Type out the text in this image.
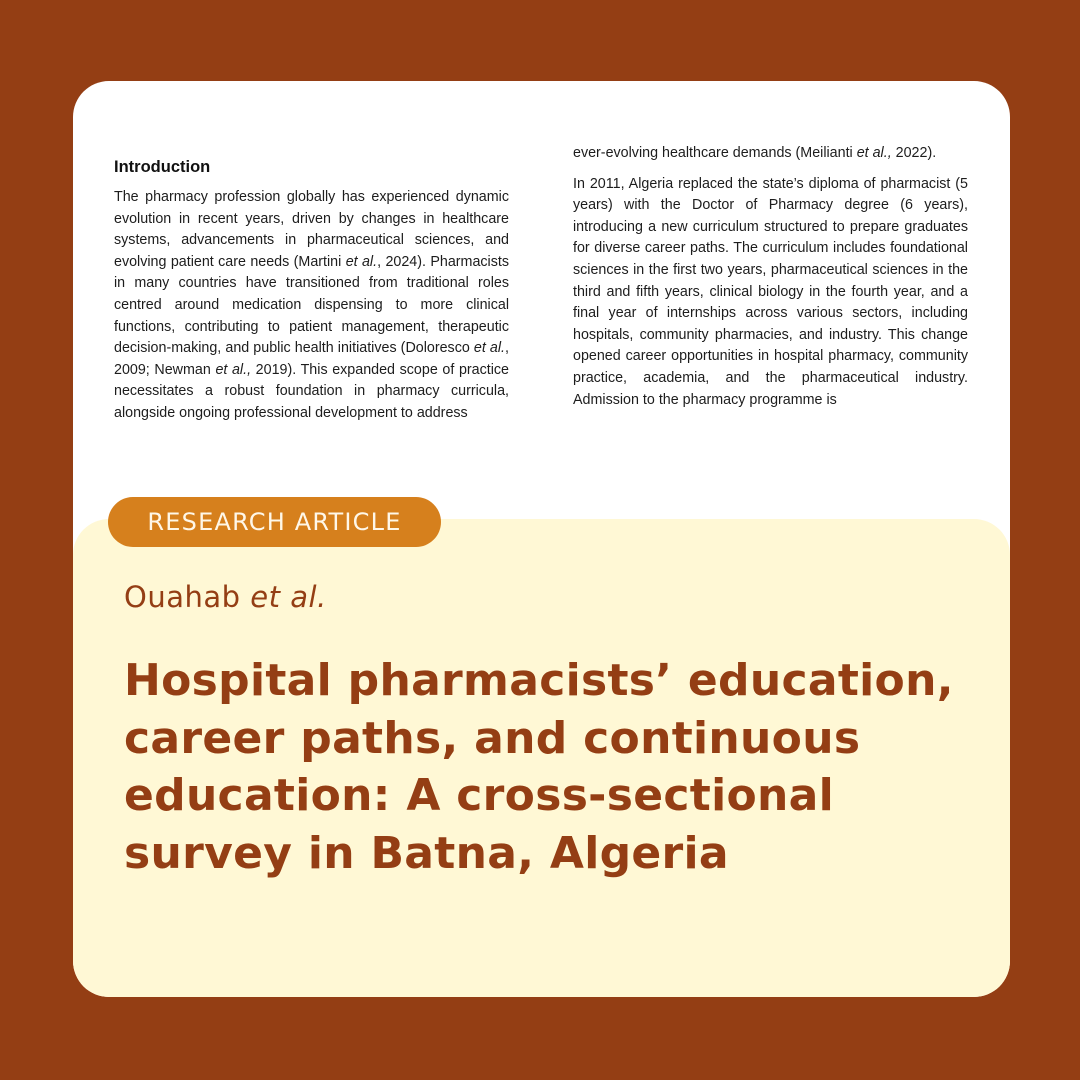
Introduction

The pharmacy profession globally has experienced dynamic evolution in recent years, driven by changes in healthcare systems, advancements in pharmaceutical sciences, and evolving patient care needs (Martini et al., 2024). Pharmacists in many countries have transitioned from traditional roles centred around medication dispensing to more clinical functions, contributing to patient management, therapeutic decision-making, and public health initiatives (Doloresco et al., 2009; Newman et al., 2019). This expanded scope of practice necessitates a robust foundation in pharmacy curricula, alongside ongoing professional development to address

ever-evolving healthcare demands (Meilianti et al., 2022).

In 2011, Algeria replaced the state’s diploma of pharmacist (5 years) with the Doctor of Pharmacy degree (6 years), introducing a new curriculum structured to prepare graduates for diverse career paths. The curriculum includes foundational sciences in the first two years, pharmaceutical sciences in the third and fifth years, clinical biology in the fourth year, and a final year of internships across various sectors, including hospitals, community pharmacies, and industry. This change opened career opportunities in hospital pharmacy, community practice, academia, and the pharmaceutical industry. Admission to the pharmacy programme is

RESEARCH ARTICLE
Ouahab et al.
Hospital pharmacists’ education, career paths, and continuous education: A cross-sectional survey in Batna, Algeria
